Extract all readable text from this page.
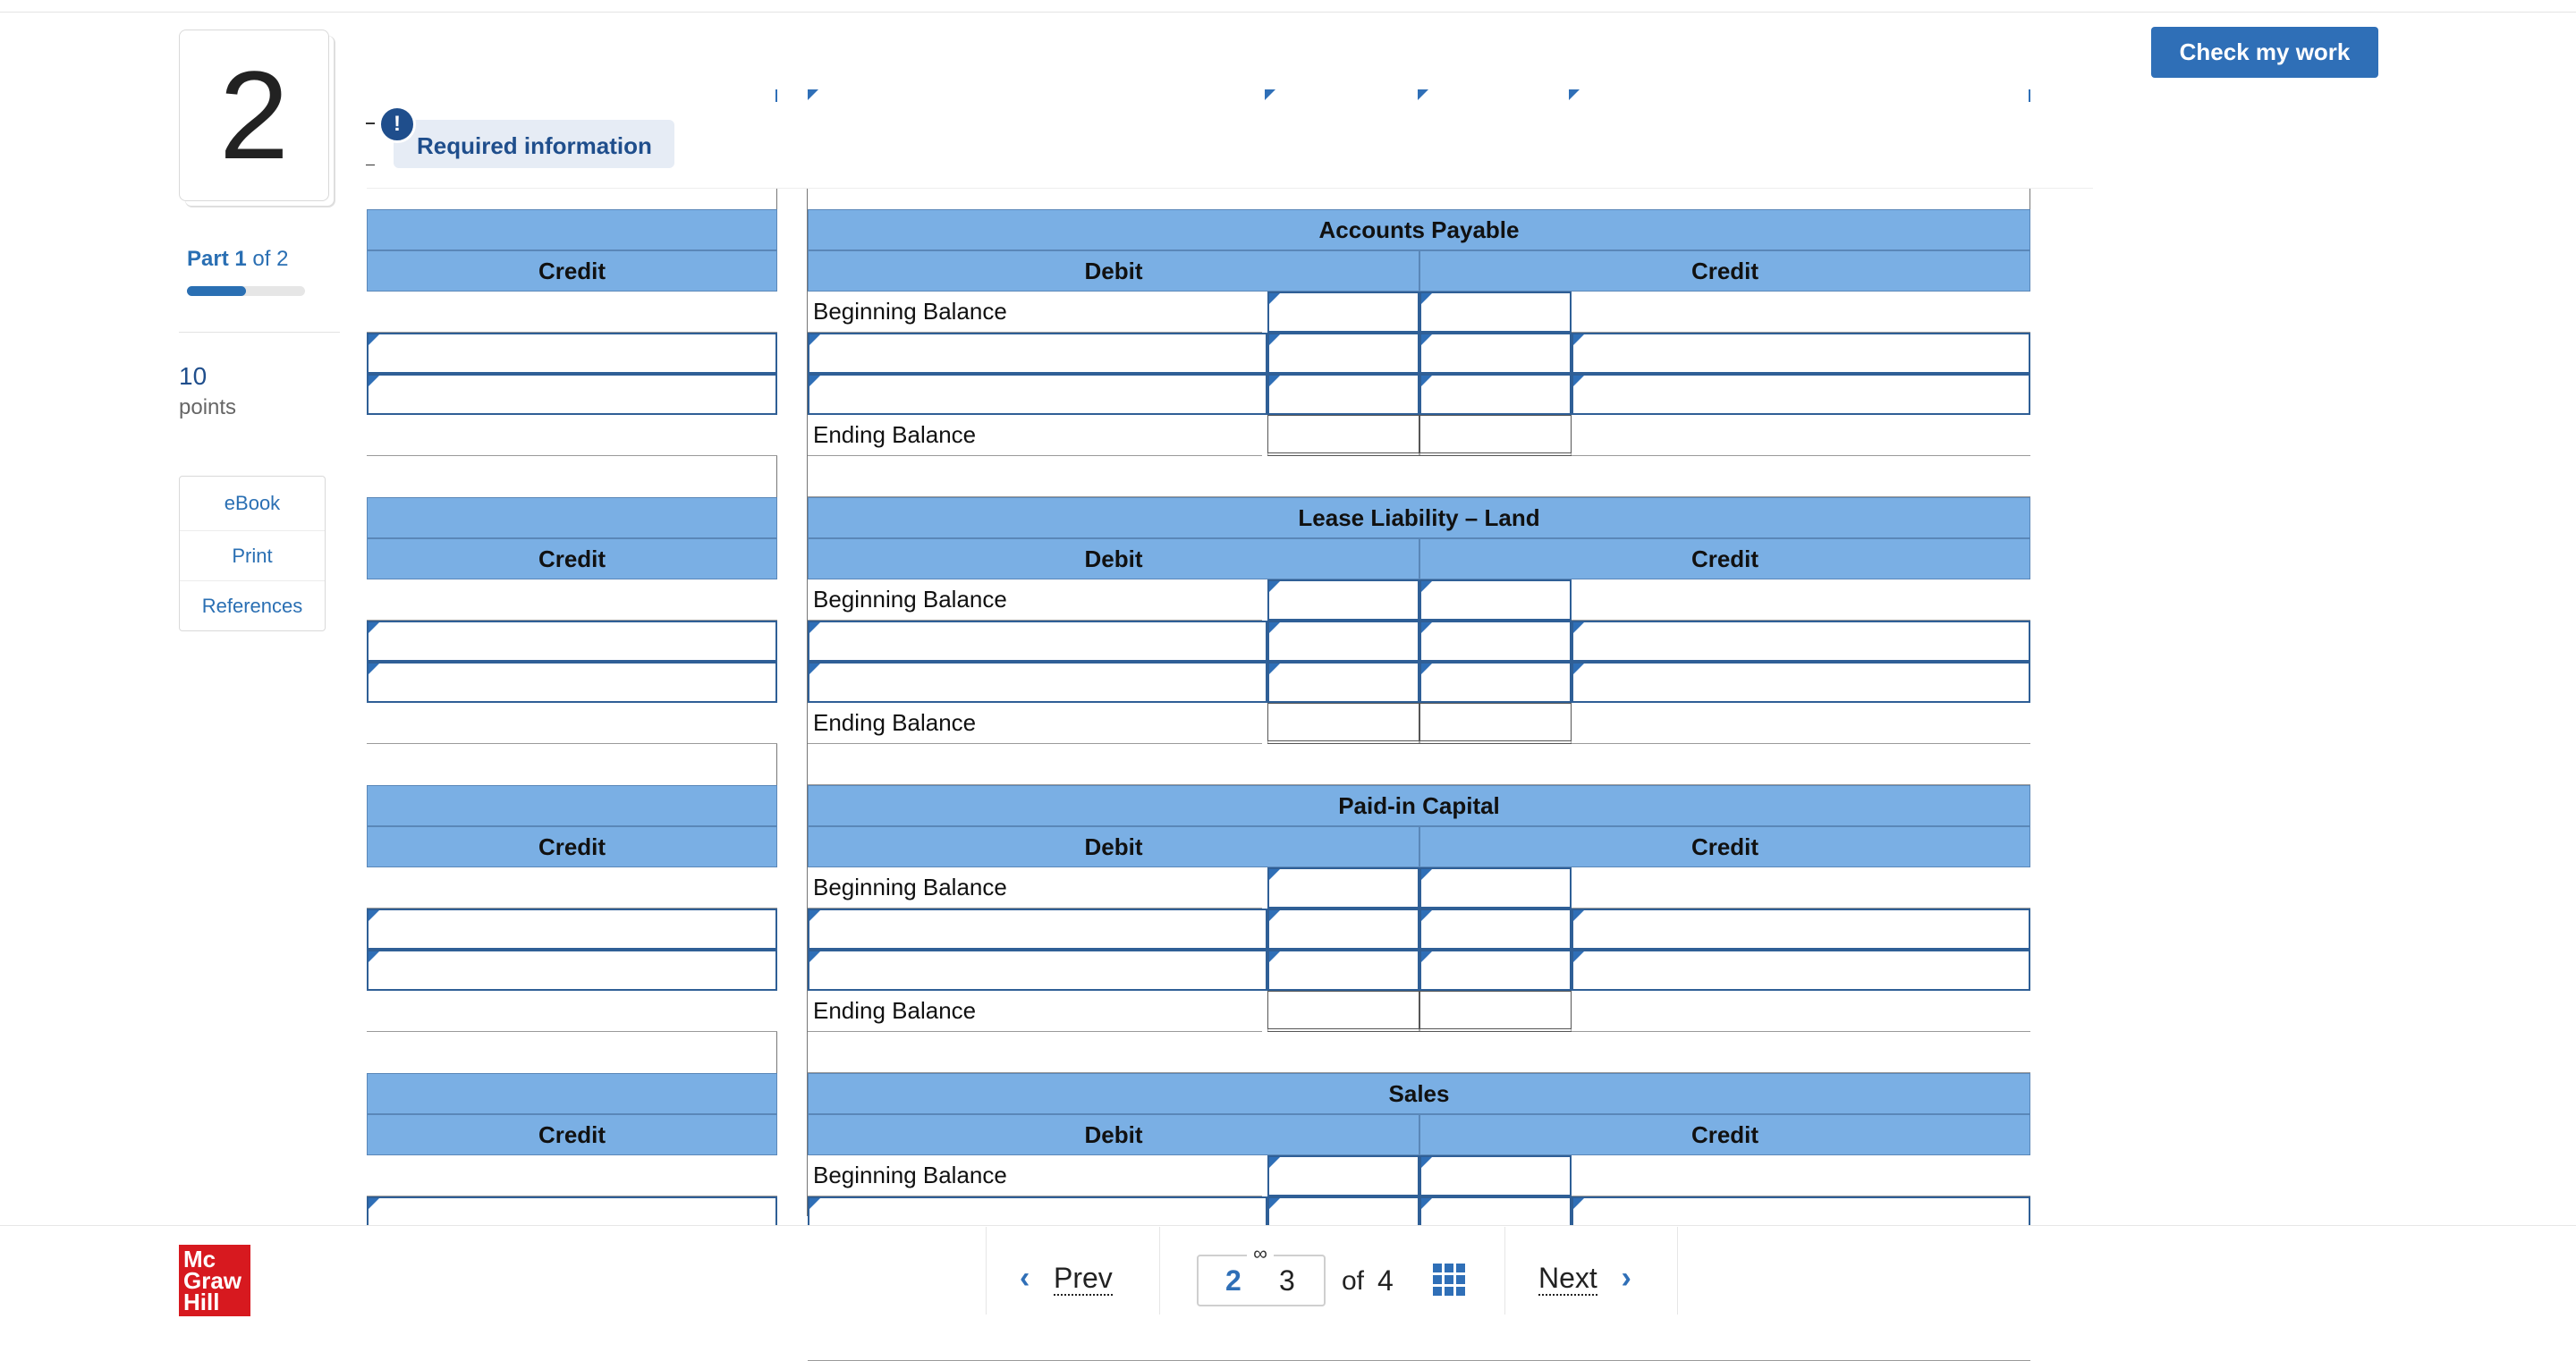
2
Part 1 of 2
10
points
eBook
Print
References
Check my work
Credit
Accounts Payable
Debit	Credit
Beginning Balance
Ending Balance
Credit
Lease Liability – Land
Debit	Credit
Beginning Balance
Ending Balance
Credit
Paid-in Capital
Debit	Credit
Beginning Balance
Ending Balance
Credit
Sales
Debit	Credit
Beginning Balance
Required information
!
Mc
Graw
Hill
‹ Prev	2 3
∞
of 4	Next ›
